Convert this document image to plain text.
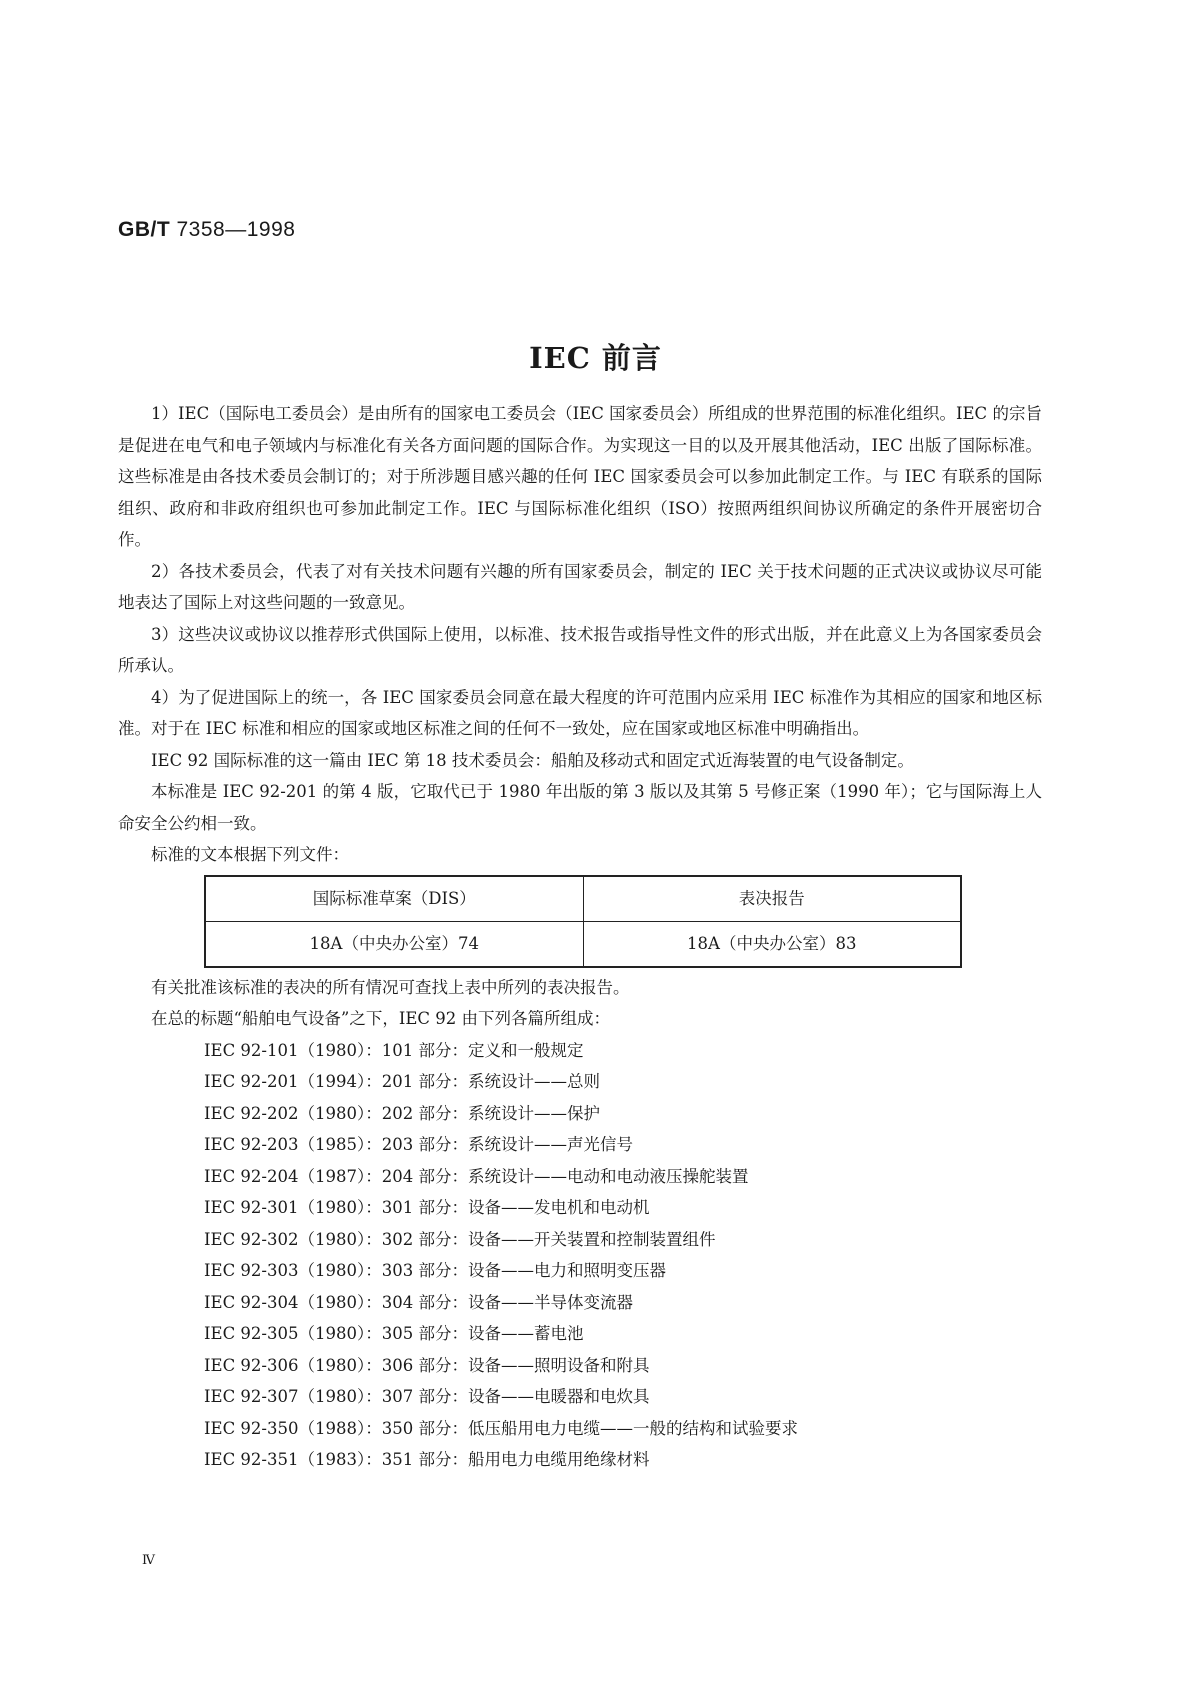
GB/T 7358—1998
IEC 前言

1）IEC（国际电工委员会）是由所有的国家电工委员会（IEC 国家委员会）所组成的世界范围的标准化组织。IEC 的宗旨是促进在电气和电子领域内与标准化有关各方面问题的国际合作。为实现这一目的以及开展其他活动，IEC 出版了国际标准。这些标准是由各技术委员会制订的；对于所涉题目感兴趣的任何 IEC 国家委员会可以参加此制定工作。与 IEC 有联系的国际组织、政府和非政府组织也可参加此制定工作。IEC 与国际标准化组织（ISO）按照两组织间协议所确定的条件开展密切合作。

2）各技术委员会，代表了对有关技术问题有兴趣的所有国家委员会，制定的 IEC 关于技术问题的正式决议或协议尽可能地表达了国际上对这些问题的一致意见。

3）这些决议或协议以推荐形式供国际上使用，以标准、技术报告或指导性文件的形式出版，并在此意义上为各国家委员会所承认。

4）为了促进国际上的统一，各 IEC 国家委员会同意在最大程度的许可范围内应采用 IEC 标准作为其相应的国家和地区标准。对于在 IEC 标准和相应的国家或地区标准之间的任何不一致处，应在国家或地区标准中明确指出。

IEC 92 国际标准的这一篇由 IEC 第 18 技术委员会：船舶及移动式和固定式近海装置的电气设备制定。

本标准是 IEC 92-201 的第 4 版，它取代已于 1980 年出版的第 3 版以及其第 5 号修正案（1990 年）；它与国际海上人命安全公约相一致。

标准的文本根据下列文件：

国际标准草案（DIS）	表决报告
18A（中央办公室）74	18A（中央办公室）83

有关批准该标准的表决的所有情况可查找上表中所列的表决报告。

在总的标题“船舶电气设备”之下，IEC 92 由下列各篇所组成：

IEC 92-101（1980）：101 部分：定义和一般规定
IEC 92-201（1994）：201 部分：系统设计——总则
IEC 92-202（1980）：202 部分：系统设计——保护
IEC 92-203（1985）：203 部分：系统设计——声光信号
IEC 92-204（1987）：204 部分：系统设计——电动和电动液压操舵装置
IEC 92-301（1980）：301 部分：设备——发电机和电动机
IEC 92-302（1980）：302 部分：设备——开关装置和控制装置组件
IEC 92-303（1980）：303 部分：设备——电力和照明变压器
IEC 92-304（1980）：304 部分：设备——半导体变流器
IEC 92-305（1980）：305 部分：设备——蓄电池
IEC 92-306（1980）：306 部分：设备——照明设备和附具
IEC 92-307（1980）：307 部分：设备——电暖器和电炊具
IEC 92-350（1988）：350 部分：低压船用电力电缆——一般的结构和试验要求
IEC 92-351（1983）：351 部分：船用电力电缆用绝缘材料
Ⅳ
